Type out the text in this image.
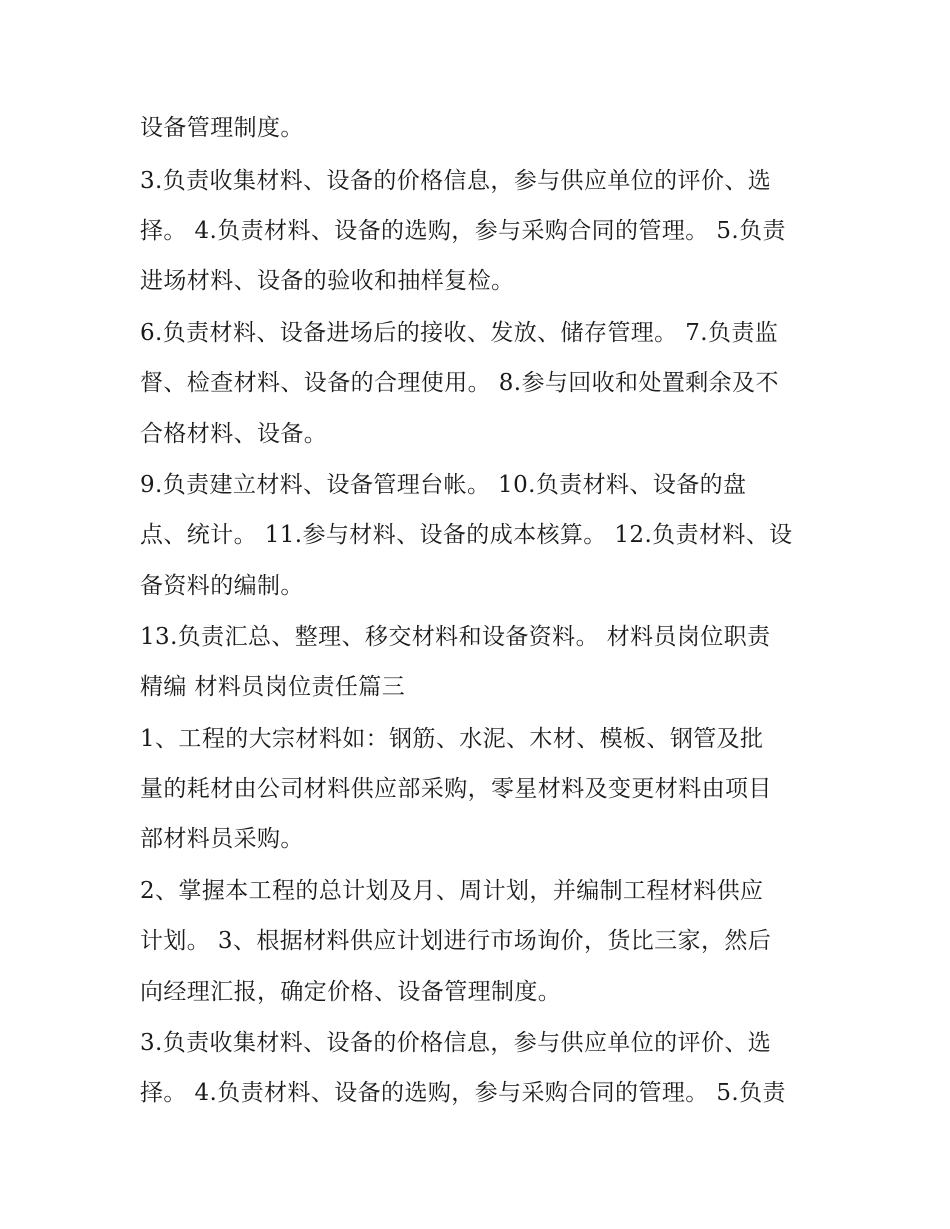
设备管理制度。
3.负责收集材料、设备的价格信息，参与供应单位的评价、选
择。 4.负责材料、设备的选购，参与采购合同的管理。 5.负责
进场材料、设备的验收和抽样复检。
6.负责材料、设备进场后的接收、发放、储存管理。 7.负责监
督、检查材料、设备的合理使用。 8.参与回收和处置剩余及不
合格材料、设备。
9.负责建立材料、设备管理台帐。 10.负责材料、设备的盘
点、统计。 11.参与材料、设备的成本核算。 12.负责材料、设
备资料的编制。
13.负责汇总、整理、移交材料和设备资料。 材料员岗位职责
精编 材料员岗位责任篇三
1、工程的大宗材料如：钢筋、水泥、木材、模板、钢管及批
量的耗材由公司材料供应部采购，零星材料及变更材料由项目
部材料员采购。
2、掌握本工程的总计划及月、周计划，并编制工程材料供应
计划。 3、根据材料供应计划进行市场询价，货比三家，然后
向经理汇报，确定价格、设备管理制度。
3.负责收集材料、设备的价格信息，参与供应单位的评价、选
择。 4.负责材料、设备的选购，参与采购合同的管理。 5.负责
